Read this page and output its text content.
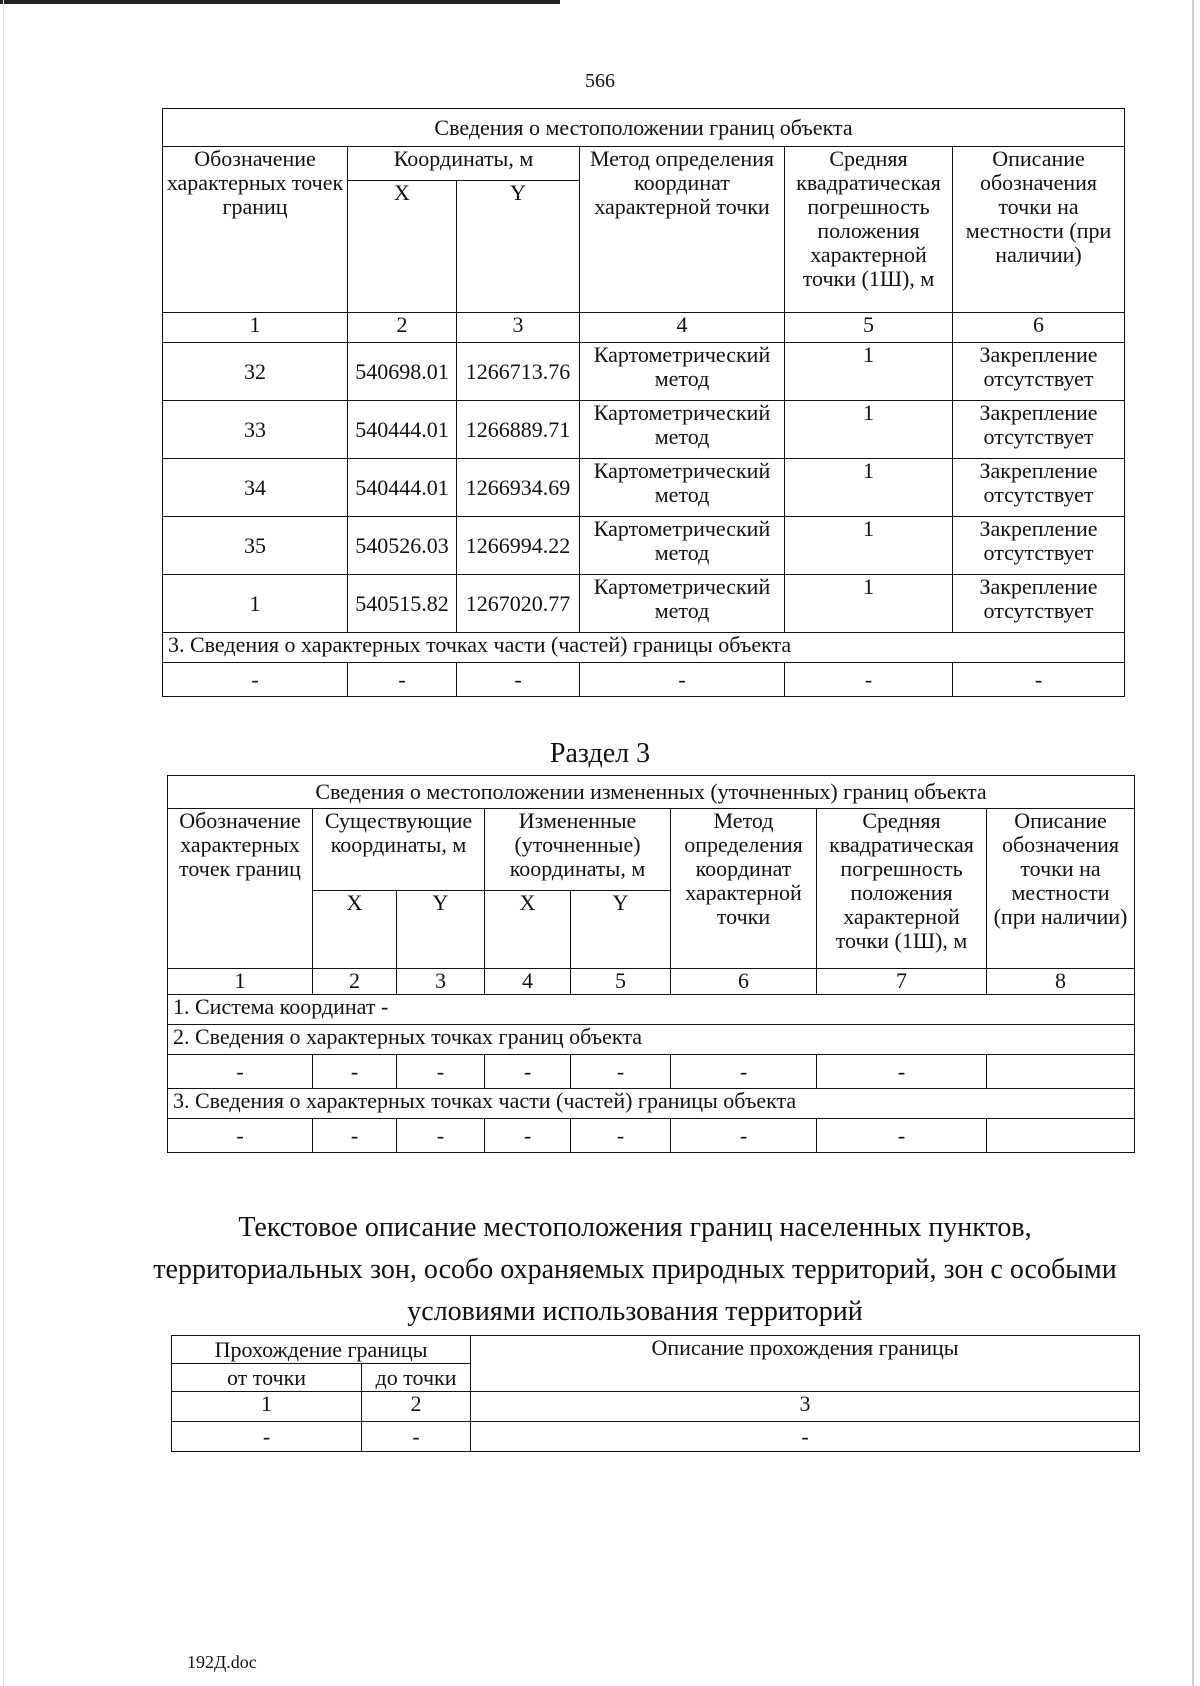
566
Сведения о местоположении границ объекта					
Обозначение характерных точек границ	Координаты, м		Метод определения координат характерной точки	Средняя квадратическая погрешность положения характерной точки (1Ш), м	Описание обозначения точки на местности (при наличии)
	X	Y			
1	2	3	4	5	6
32	540698.01	1266713.76	Картометрический метод	1	Закрепление отсутствует
33	540444.01	1266889.71	Картометрический метод	1	Закрепление отсутствует
34	540444.01	1266934.69	Картометрический метод	1	Закрепление отсутствует
35	540526.03	1266994.22	Картометрический метод	1	Закрепление отсутствует
1	540515.82	1267020.77	Картометрический метод	1	Закрепление отсутствует
3. Сведения о характерных точках части (частей) границы объекта					
-	-	-	-	-	-
Раздел 3
Сведения о местоположении измененных (уточненных) границ объекта							
Обозначение характерных точек границ	Существующие координаты, м		Измененные (уточненные) координаты, м		Метод определения координат характерной точки	Средняя квадратическая погрешность положения характерной точки (1Ш), м	Описание обозначения точки на местности (при наличии)
	X	Y	X	Y			
1	2	3	4	5	6	7	8
1. Система координат -							
2. Сведения о характерных точках границ объекта							
-	-	-	-	-	-	-	
3. Сведения о характерных точках части (частей) границы объекта							
-	-	-	-	-	-	-	
Текстовое описание местоположения границ населенных пунктов, территориальных зон, особо охраняемых природных территорий, зон с особыми условиями использования территорий
Прохождение границы		Описание прохождения границы
от точки	до точки	
1	2	3
-	-	-
192Д.doc
